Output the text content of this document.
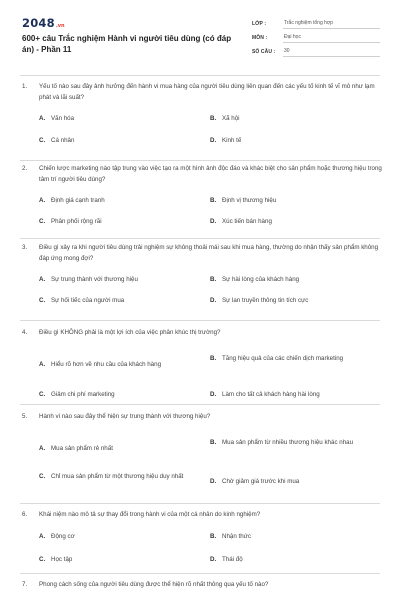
2048 .vn
600+ câu Trắc nghiệm Hành vi người tiêu dùng (có đáp án) - Phần 11
LỚP :	Trắc nghiệm tổng hợp
MÔN :	Đại học
SỐ CÂU :	30
1.	Yếu tố nào sau đây ảnh hưởng đến hành vi mua hàng của người tiêu dùng liên quan đến các yếu tố kinh tế vĩ mô như lạm phát và lãi suất?
A. Văn hóa	B. Xã hội
C. Cá nhân	D. Kinh tế
2.	Chiến lược marketing nào tập trung vào việc tạo ra một hình ảnh độc đáo và khác biệt cho sản phẩm hoặc thương hiệu trong tâm trí người tiêu dùng?
A. Định giá cạnh tranh	B. Định vị thương hiệu
C. Phân phối rộng rãi	D. Xúc tiến bán hàng
3.	Điều gì xảy ra khi người tiêu dùng trải nghiệm sự không thoải mái sau khi mua hàng, thường do nhận thấy sản phẩm không đáp ứng mong đợi?
A. Sự trung thành với thương hiệu	B. Sự hài lòng của khách hàng
C. Sự hối tiếc của người mua	D. Sự lan truyền thông tin tích cực
4.	Điều gì KHÔNG phải là một lợi ích của việc phân khúc thị trường?
A. Hiểu rõ hơn về nhu cầu của khách hàng
B. Tăng hiệu quả của các chiến dịch marketing
C. Giảm chi phí marketing	D. Làm cho tất cả khách hàng hài lòng
5.	Hành vi nào sau đây thể hiện sự trung thành với thương hiệu?
A. Mua sản phẩm rẻ nhất
B. Mua sản phẩm từ nhiều thương hiệu khác nhau
C. Chỉ mua sản phẩm từ một thương hiệu duy nhất
D. Chờ giảm giá trước khi mua
6.	Khái niệm nào mô tả sự thay đổi trong hành vi của một cá nhân do kinh nghiệm?
A. Động cơ	B. Nhận thức
C. Học tập	D. Thái độ
7.	Phong cách sống của người tiêu dùng được thể hiện rõ nhất thông qua yếu tố nào?
